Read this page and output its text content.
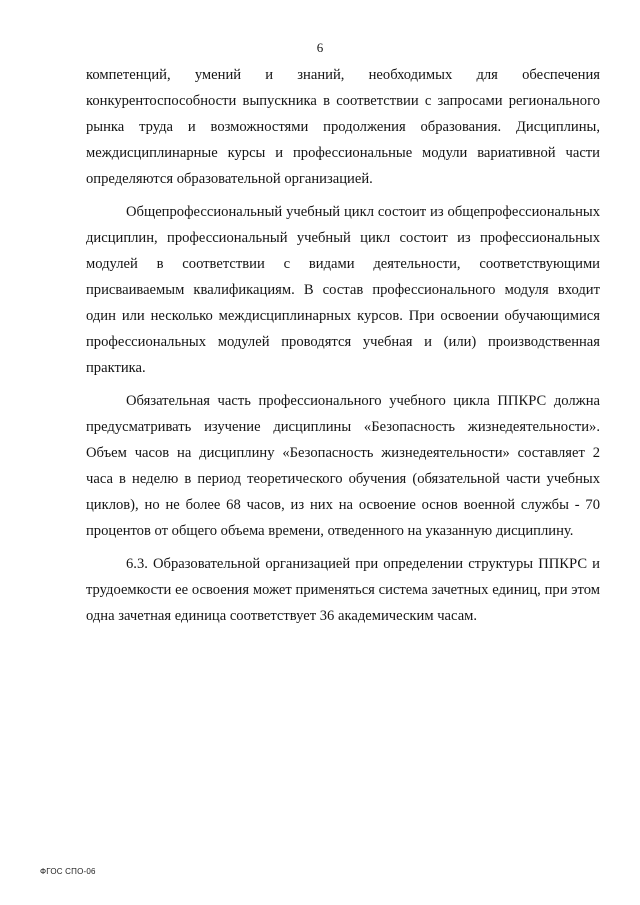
6

компетенций, умений и знаний, необходимых для обеспечения конкурентоспособности выпускника в соответствии с запросами регионального рынка труда и возможностями продолжения образования. Дисциплины, междисциплинарные курсы и профессиональные модули вариативной части определяются образовательной организацией.

Общепрофессиональный учебный цикл состоит из общепрофессиональных дисциплин, профессиональный учебный цикл состоит из профессиональных модулей в соответствии с видами деятельности, соответствующими присваиваемым квалификациям. В состав профессионального модуля входит один или несколько междисциплинарных курсов. При освоении обучающимися профессиональных модулей проводятся учебная и (или) производственная практика.

Обязательная часть профессионального учебного цикла ППКРС должна предусматривать изучение дисциплины «Безопасность жизнедеятельности». Объем часов на дисциплину «Безопасность жизнедеятельности» составляет 2 часа в неделю в период теоретического обучения (обязательной части учебных циклов), но не более 68 часов, из них на освоение основ военной службы - 70 процентов от общего объема времени, отведенного на указанную дисциплину.

6.3. Образовательной организацией при определении структуры ППКРС и трудоемкости ее освоения может применяться система зачетных единиц, при этом одна зачетная единица соответствует 36 академическим часам.

ФГОС СПО-06
